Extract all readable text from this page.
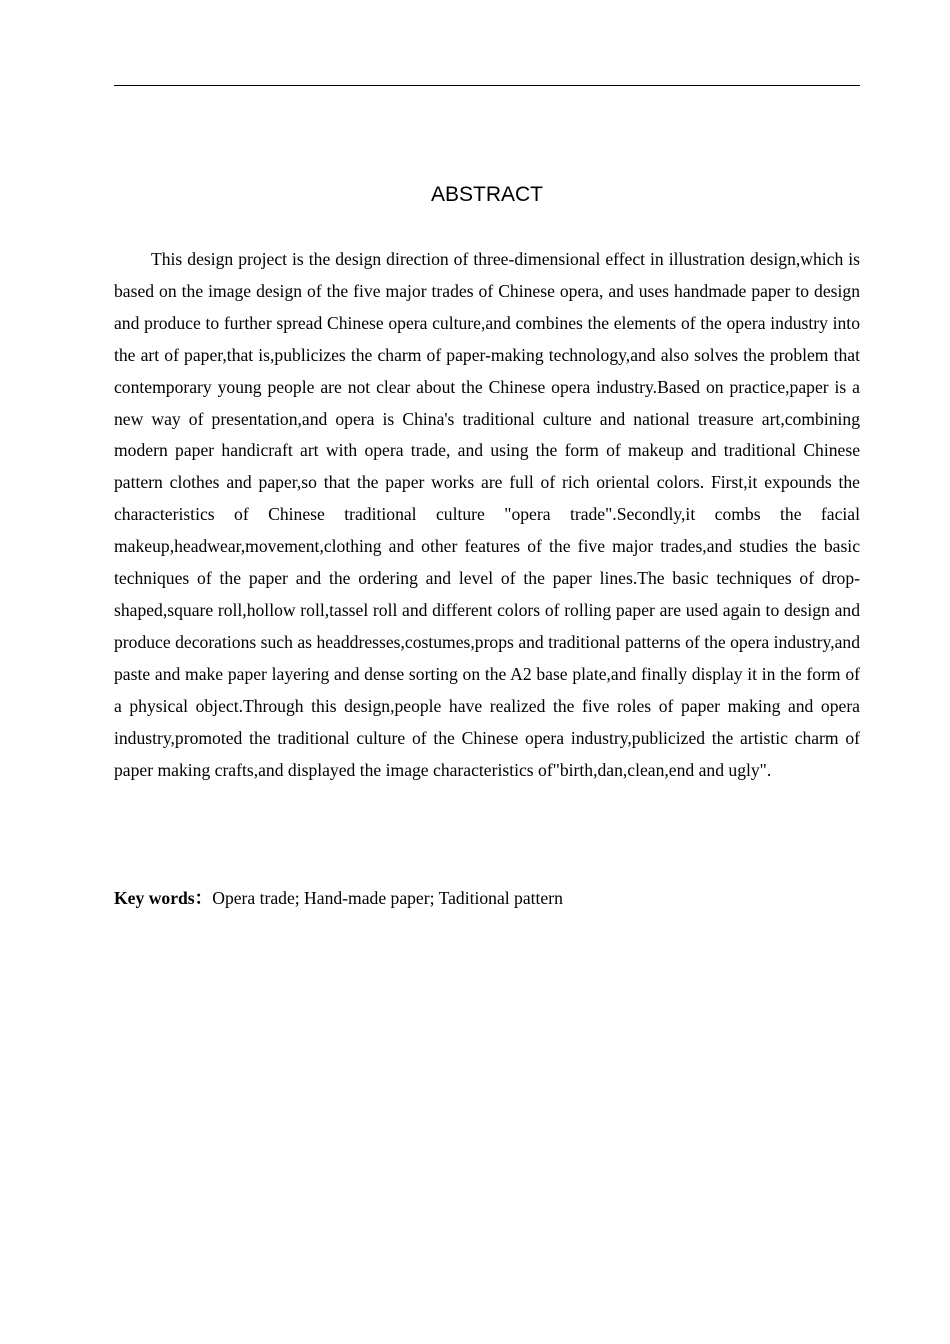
ABSTRACT

This design project is the design direction of three-dimensional effect in illustration design,which is based on the image design of the five major trades of Chinese opera, and uses handmade paper to design and produce to further spread Chinese opera culture,and combines the elements of the opera industry into the art of paper,that is,publicizes the charm of paper-making technology,and also solves the problem that contemporary young people are not clear about the Chinese opera industry.Based on practice,paper is a new way of presentation,and opera is China's traditional culture and national treasure art,combining modern paper handicraft art with opera trade, and using the form of makeup and traditional Chinese pattern clothes and paper,so that the paper works are full of rich oriental colors. First,it expounds the characteristics of Chinese traditional culture "opera trade".Secondly,it combs the facial makeup,headwear,movement,clothing and other features of the five major trades,and studies the basic techniques of the paper and the ordering and level of the paper lines.The basic techniques of drop-shaped,square roll,hollow roll,tassel roll and different colors of rolling paper are used again to design and produce decorations such as headdresses,costumes,props and traditional patterns of the opera industry,and paste and make paper layering and dense sorting on the A2 base plate,and finally display it in the form of a physical object.Through this design,people have realized the five roles of paper making and opera industry,promoted the traditional culture of the Chinese opera industry,publicized the artistic charm of paper making crafts,and displayed the image characteristics of"birth,dan,clean,end and ugly".

Key words：Opera trade; Hand-made paper; Taditional pattern
